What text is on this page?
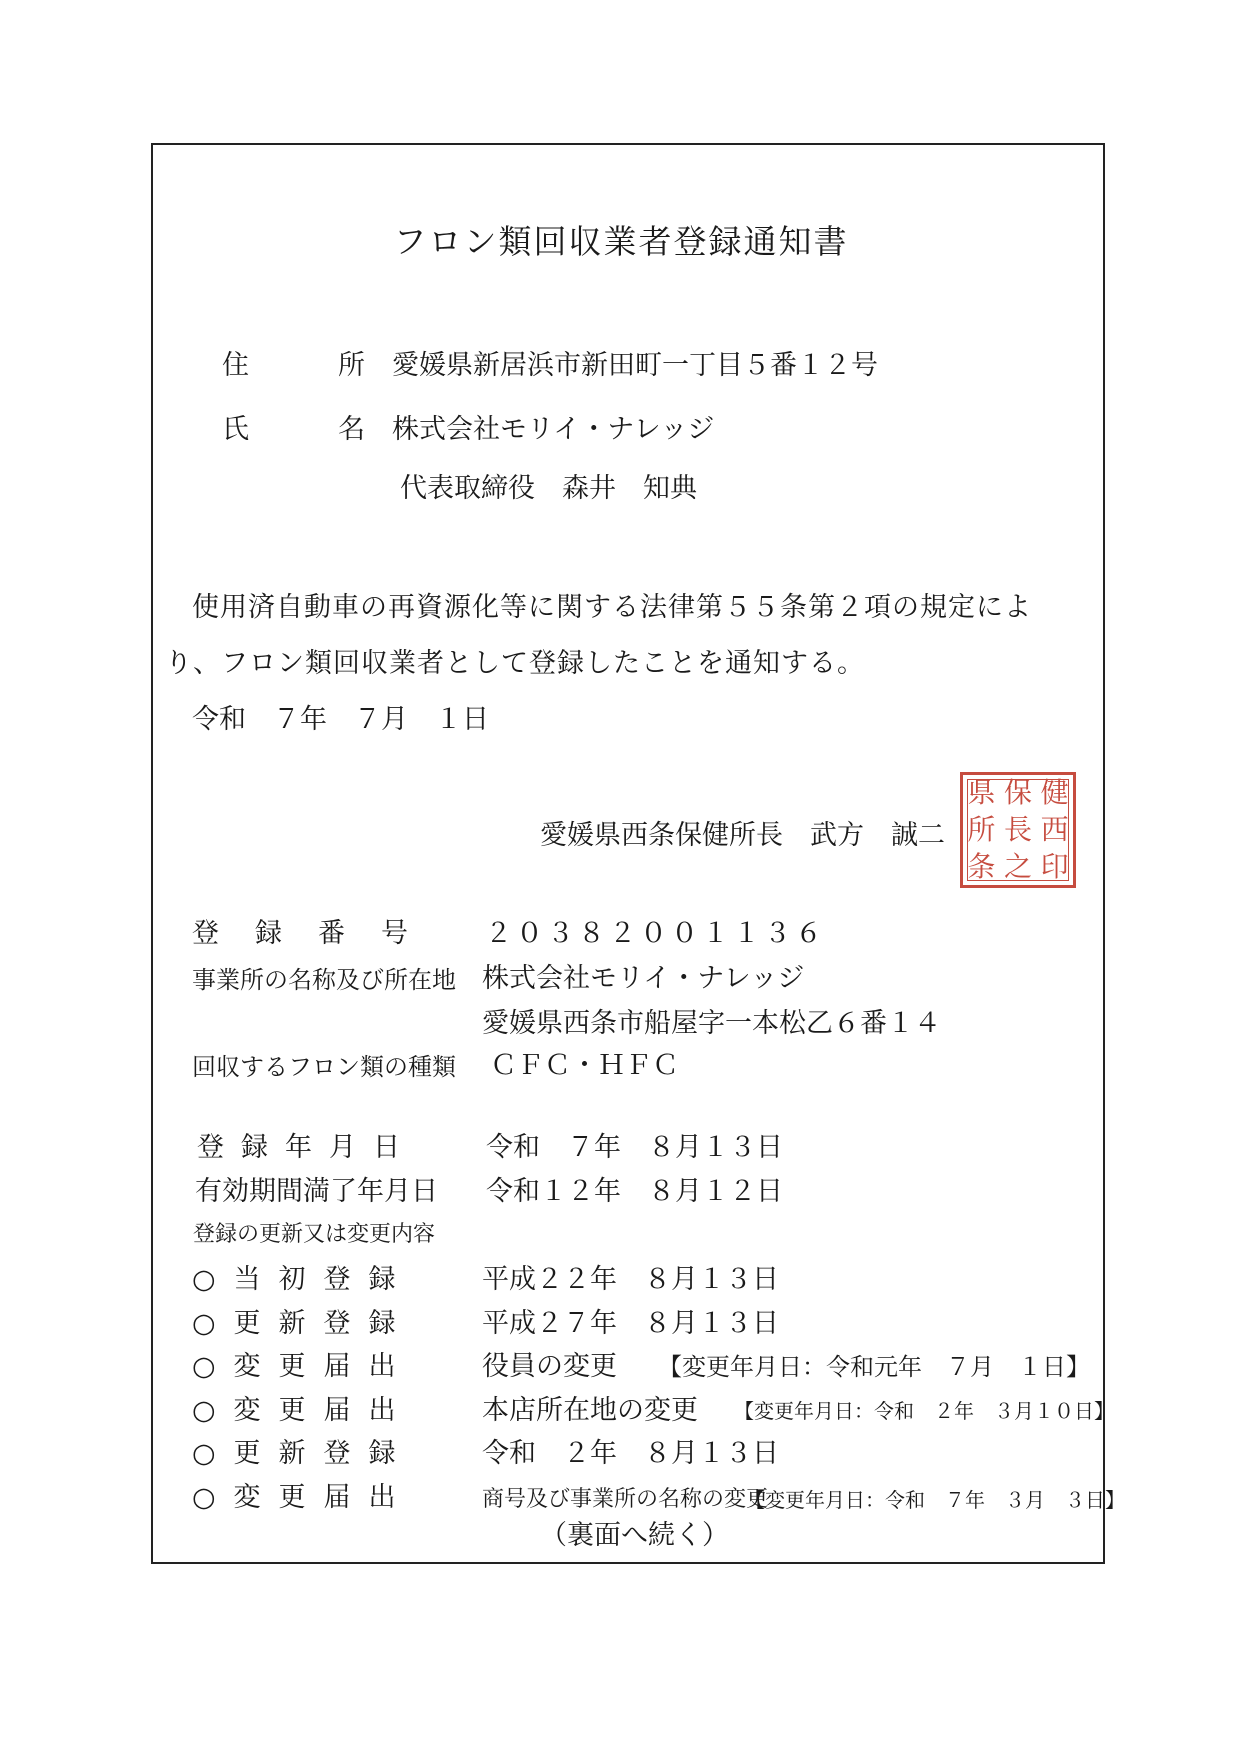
フロン類回収業者登録通知書
住	所 愛媛県新居浜市新田町一丁目５番１２号
氏	名 株式会社モリイ・ナレッジ
代表取締役　森井　知典
使用済自動車の再資源化等に関する法律第５５条第２項の規定によ
り、フロン類回収業者として登録したことを通知する。
令和　７年　７月　１日
愛媛県西条保健所長　武方　誠二
県 保 健
所 長 西
条 之 印
登録番号 ２０３８２００１１３６
事業所の名称及び所在地 株式会社モリイ・ナレッジ
愛媛県西条市船屋字一本松乙６番１４
回収するフロン類の種類 ＣＦＣ・ＨＦＣ
登録年月日	令和　７年　８月１３日
有効期間満了年月日 令和１２年　８月１２日
登録の更新又は変更内容
○当初登録	平成２２年　８月１３日
○更新登録	平成２７年　８月１３日
○変更届出	役員の変更 【変更年月日：令和元年　７月　１日】
○変更届出	本店所在地の変更 【変更年月日：令和　２年　３月１０日】
○更新登録	令和　２年　８月１３日
○変更届出	商号及び事業所の名称の変更
【変更年月日：令和　７年　３月　３日】
（裏面へ続く）
